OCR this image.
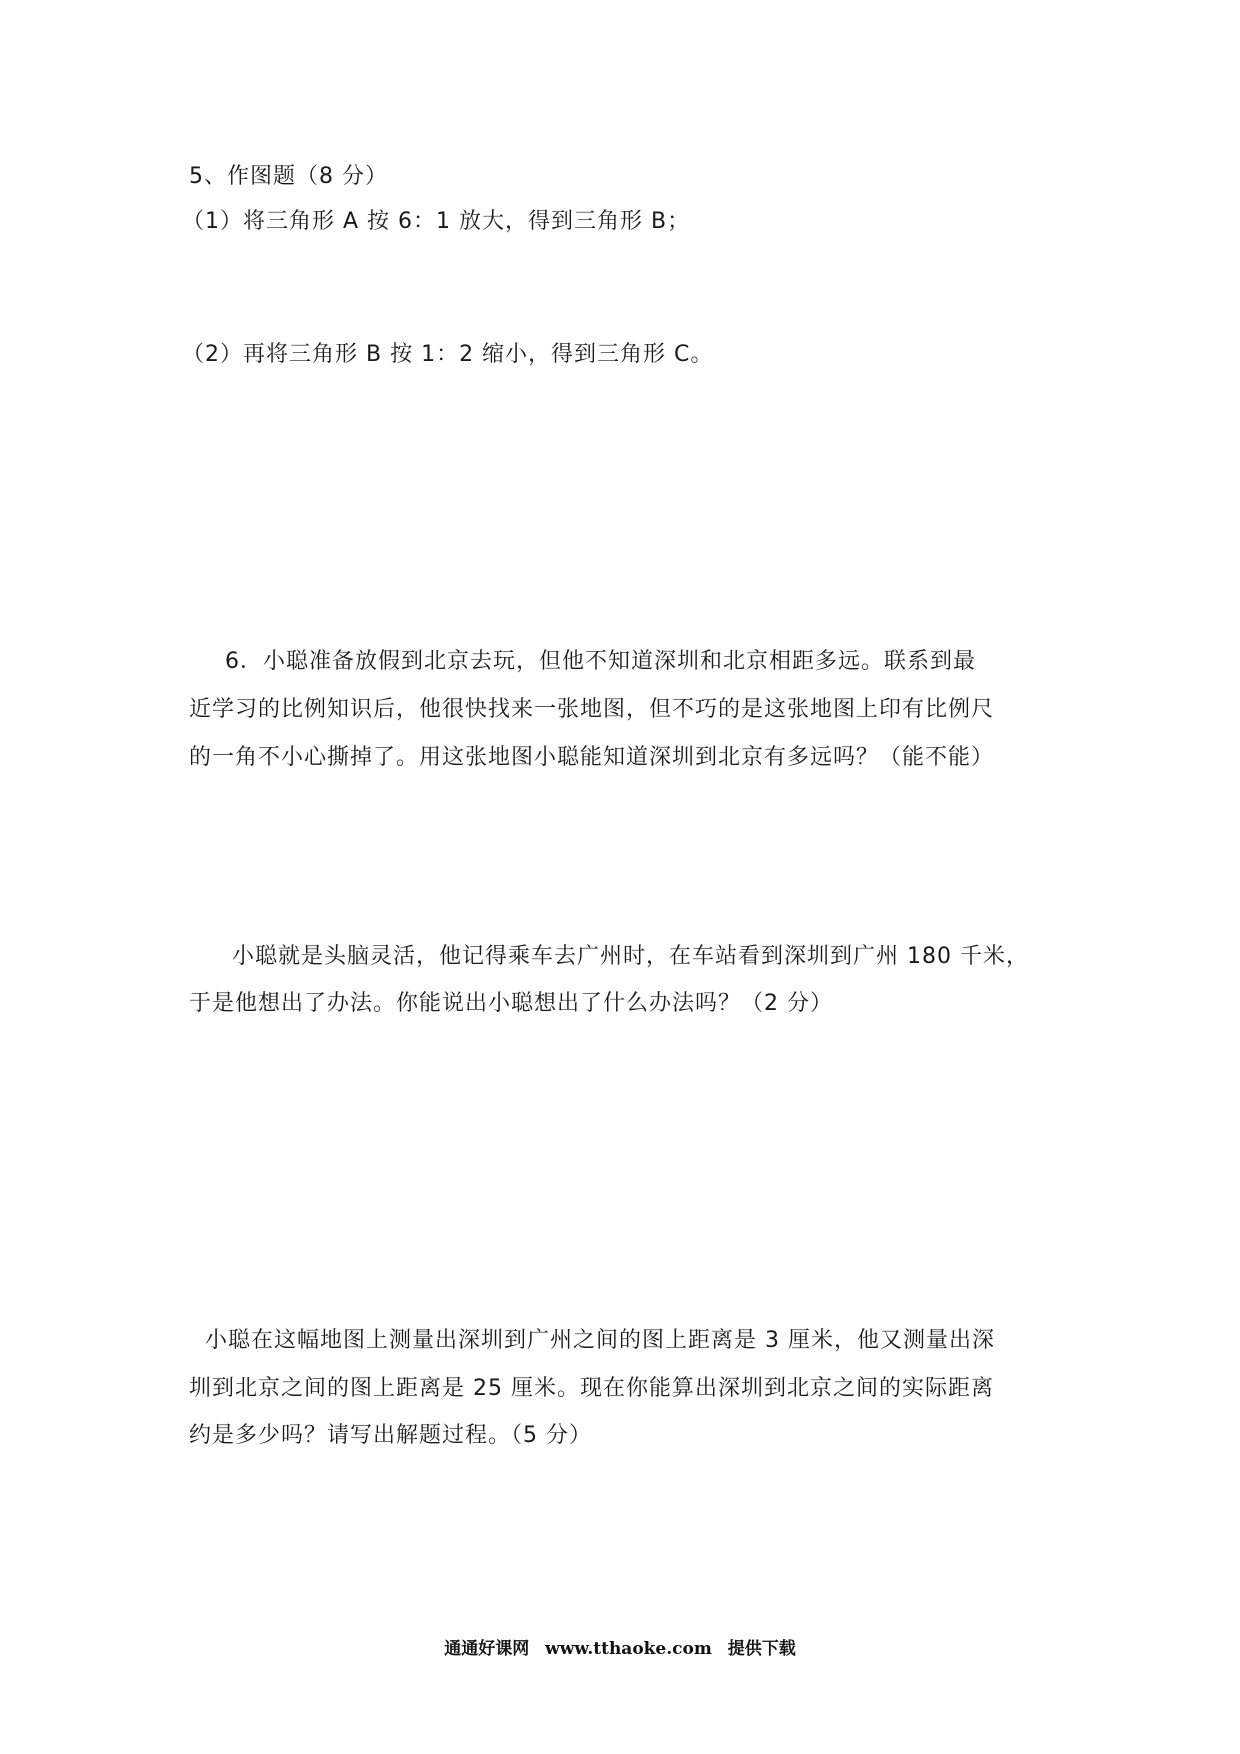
5、作图题（8 分）
（1）将三角形 A 按 6：1 放大，得到三角形 B；
（2）再将三角形 B 按 1：2 缩小，得到三角形 C。
6．小聪准备放假到北京去玩，但他不知道深圳和北京相距多远。联系到最
近学习的比例知识后，他很快找来一张地图，但不巧的是这张地图上印有比例尺
的一角不小心撕掉了。用这张地图小聪能知道深圳到北京有多远吗？（能不能）
小聪就是头脑灵活，他记得乘车去广州时，在车站看到深圳到广州 180 千米，
于是他想出了办法。你能说出小聪想出了什么办法吗？（2 分）
小聪在这幅地图上测量出深圳到广州之间的图上距离是 3 厘米，他又测量出深
圳到北京之间的图上距离是 25 厘米。现在你能算出深圳到北京之间的实际距离
约是多少吗？请写出解题过程。（5 分）
通通好课网 www.tthaoke.com 提供下载
